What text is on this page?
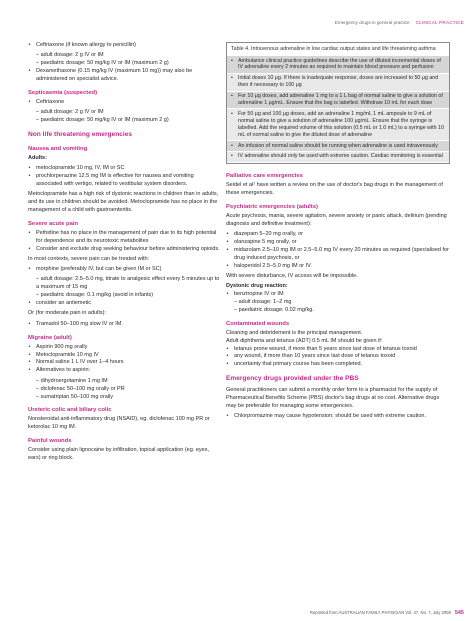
Emergency drugs in general practice CLINICAL PRACTICE
• Ceftriaxone (if known allergy to penicillin)
– adult dosage: 2 g IV or IM
– paediatric dosage: 50 mg/kg IV or IM (maximum 2 g)
• Dexamethasone (0.15 mg/kg IV (maximum 10 mg)) may also be administered on specialist advice.
Septicaemia (suspected)
• Ceftriaxone
– adult dosage: 2 g IV or IM
– paediatric dosage: 50 mg/kg IV or IM (maximum 2 g)
Non life threatening emergencies
Nausea and vomiting

Adults:

• metoclopramide 10 mg, IV, IM or SC
• prochlorperazine 12.5 mg IM is effective for nausea and vomiting associated with vertigo, related to vestibular system disorders.

Metoclopramide has a high risk of dystonic reactions in children than in adults, and its use in children should be avoided. Metoclopramide has no place in the management of a child with gastroenteritis.

Severe acute pain
• Pethidine has no place in the management of pain due to its high potential for dependence and its neurotoxic metabolites
• Consider and exclude drug seeking behaviour before administering opioids.

In most contexts, severe pain can be treated with:

• morphine (preferably IV, but can be given IM or SC)
– adult dosage: 2.5–5.0 mg, titrate to analgesic effect every 5 minutes up to a maximum of 15 mg
– paediatric dosage: 0.1 mg/kg (avoid in infants)
• consider an antiemetic

Or (for moderate pain in adults):

• Tramadol 50–100 mg slow IV or IM.
Migraine (adult)
• Aspirin 900 mg orally
• Metoclopramide 10 mg IV
• Normal saline 1 L IV over 1–4 hours
• Alternatives to aspirin:
– dihydroergotamine 1 mg IM
– diclofenac 50–100 mg orally or PR
– sumatriptan 50–100 mg orally
Ureteric colic and biliary colic

Nonsteroidal anti-inflammatory drug (NSAID), eg. diclofenac 100 mg PR or ketorolac 10 mg IM.

Painful wounds

Consider using plain lignocaine by infiltration, topical application (eg. eyes, ears) or ring block.

Table 4. Intravenous adrenaline in low cardiac output states and life threatening asthma
• Ambulance clinical practice guidelines describe the use of diluted incremental doses of IV adrenaline every 2 minutes as required to maintain blood pressure and perfusion
• Initial doses 10 μg. If there is inadequate response, doses are increased to 50 μg and then if necessary to 100 μg
• For 10 μg doses, add adrenaline 1 mg to a 1 L bag of normal saline to give a solution of adrenaline 1 μg/mL. Ensure that the bag is labelled. Withdraw 10 mL for each dose
• For 50 μg and 100 μg doses, add an adrenaline 1 mg/mL 1 mL ampoule to 9 mL of normal saline to give a solution of adrenaline 100 μg/mL. Ensure that the syringe is labelled. Add the required volume of this solution (0.5 mL or 1.0 mL) to a syringe with 10 mL of normal saline to give the diluted dose of adrenaline
• An infusion of normal saline should be running when adrenaline is used intravenously
• IV adrenaline should only be used with extreme caution. Cardiac monitoring is essential
Palliative care emergencies

Seidel et al¹ have written a review on the use of doctor's bag drugs in the management of these emergencies.

Psychiatric emergencies (adults)

Acute psychosis, mania, severe agitation, severe anxiety or panic attack, delirium (pending diagnosis and definitive treatment):

• diazepam 5–20 mg orally, or
• olanzapine 5 mg orally, or
• midazolam 2.5–10 mg IM or 2.5–5.0 mg IV every 20 minutes as required (specialised for drug induced psychosis, or
• haloperidol 2.5–5.0 mg IM or IV.

With severe disturbance, IV access will be impossible.

Dystonic drug reaction:

• benztropine IV or IM
– adult dosage: 1–2 mg
– paediatric dosage: 0.02 mg/kg.
Contaminated wounds

Cleaning and debridement is the principal management.

Adult diphtheria and tetanus (ADT) 0.5 mL IM should be given if:

• tetanus prone wound, if more than 5 years since last dose of tetanus toxoid
• any wound, if more than 10 years since last dose of tetanus toxoid
• uncertainty that primary course has been completed.
Emergency drugs provided under the PBS

General practitioners can submit a monthly order form to a pharmacist for the supply of Pharmaceutical Benefits Scheme (PBS) doctor's bag drugs at no cost. Alternative drugs may be preferable for managing some emergencies.

• Chlorpromazine may cause hypotension; should be used with extreme caution.
Reprinted from AUSTRALIAN FAMILY PHYSICIAN Vol. 37, No. 7, July 2008 545
